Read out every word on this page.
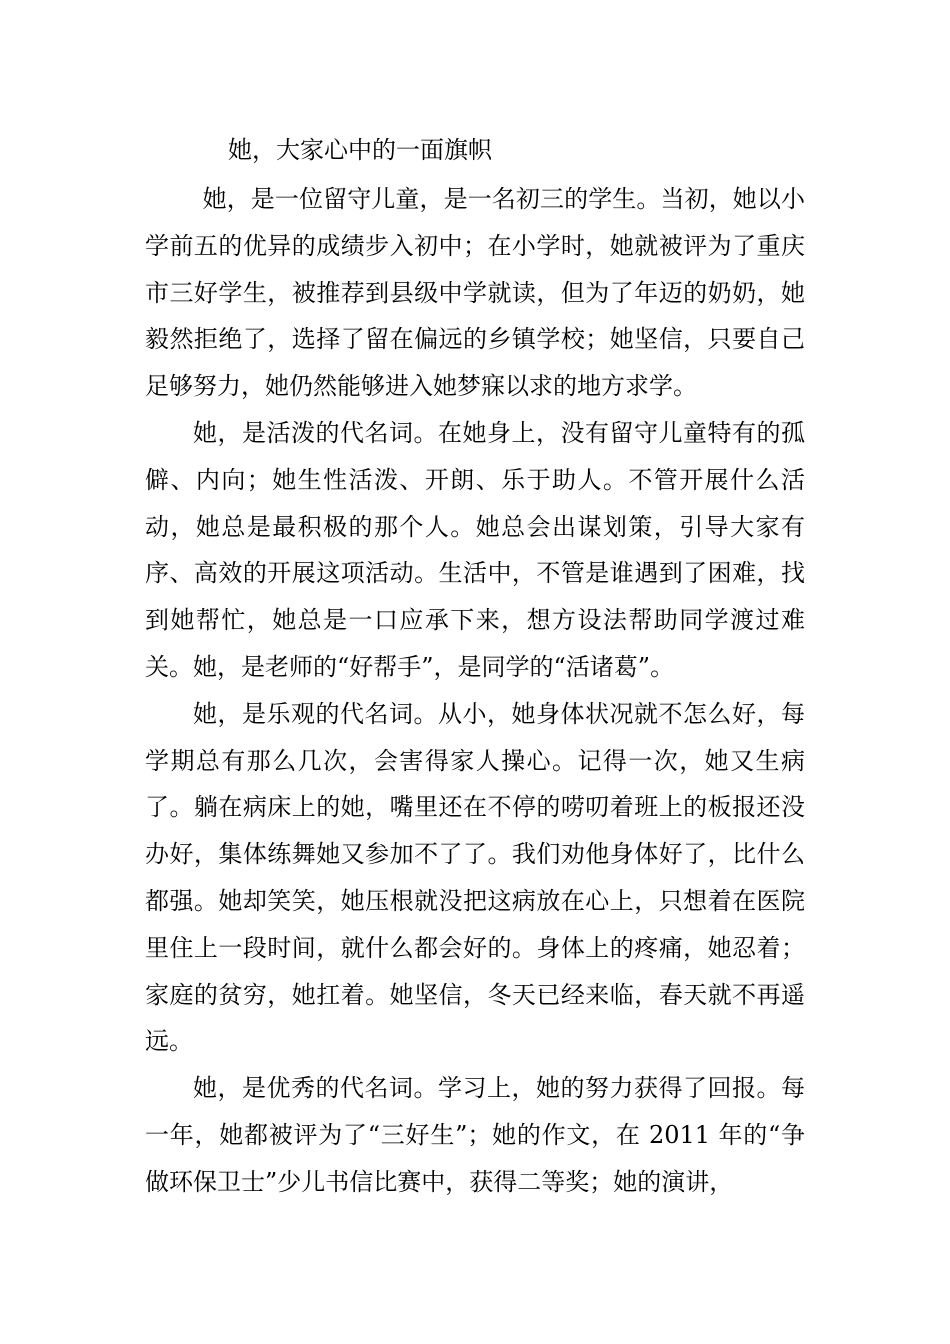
她，大家心中的一面旗帜

她，是一位留守儿童，是一名初三的学生。当初，她以小学前五的优异的成绩步入初中；在小学时，她就被评为了重庆市三好学生，被推荐到县级中学就读，但为了年迈的奶奶，她毅然拒绝了，选择了留在偏远的乡镇学校；她坚信，只要自己足够努力，她仍然能够进入她梦寐以求的地方求学。

她，是活泼的代名词。在她身上，没有留守儿童特有的孤僻、内向；她生性活泼、开朗、乐于助人。不管开展什么活动，她总是最积极的那个人。她总会出谋划策，引导大家有序、高效的开展这项活动。生活中，不管是谁遇到了困难，找到她帮忙，她总是一口应承下来，想方设法帮助同学渡过难关。她，是老师的“好帮手”，是同学的“活诸葛”。

她，是乐观的代名词。从小，她身体状况就不怎么好，每学期总有那么几次，会害得家人操心。记得一次，她又生病了。躺在病床上的她，嘴里还在不停的唠叨着班上的板报还没办好，集体练舞她又参加不了了。我们劝他身体好了，比什么都强。她却笑笑，她压根就没把这病放在心上，只想着在医院里住上一段时间，就什么都会好的。身体上的疼痛，她忍着；家庭的贫穷，她扛着。她坚信，冬天已经来临，春天就不再遥远。

她，是优秀的代名词。学习上，她的努力获得了回报。每一年，她都被评为了“三好生”；她的作文，在 2011 年的“争做环保卫士”少儿书信比赛中，获得二等奖；她的演讲，
